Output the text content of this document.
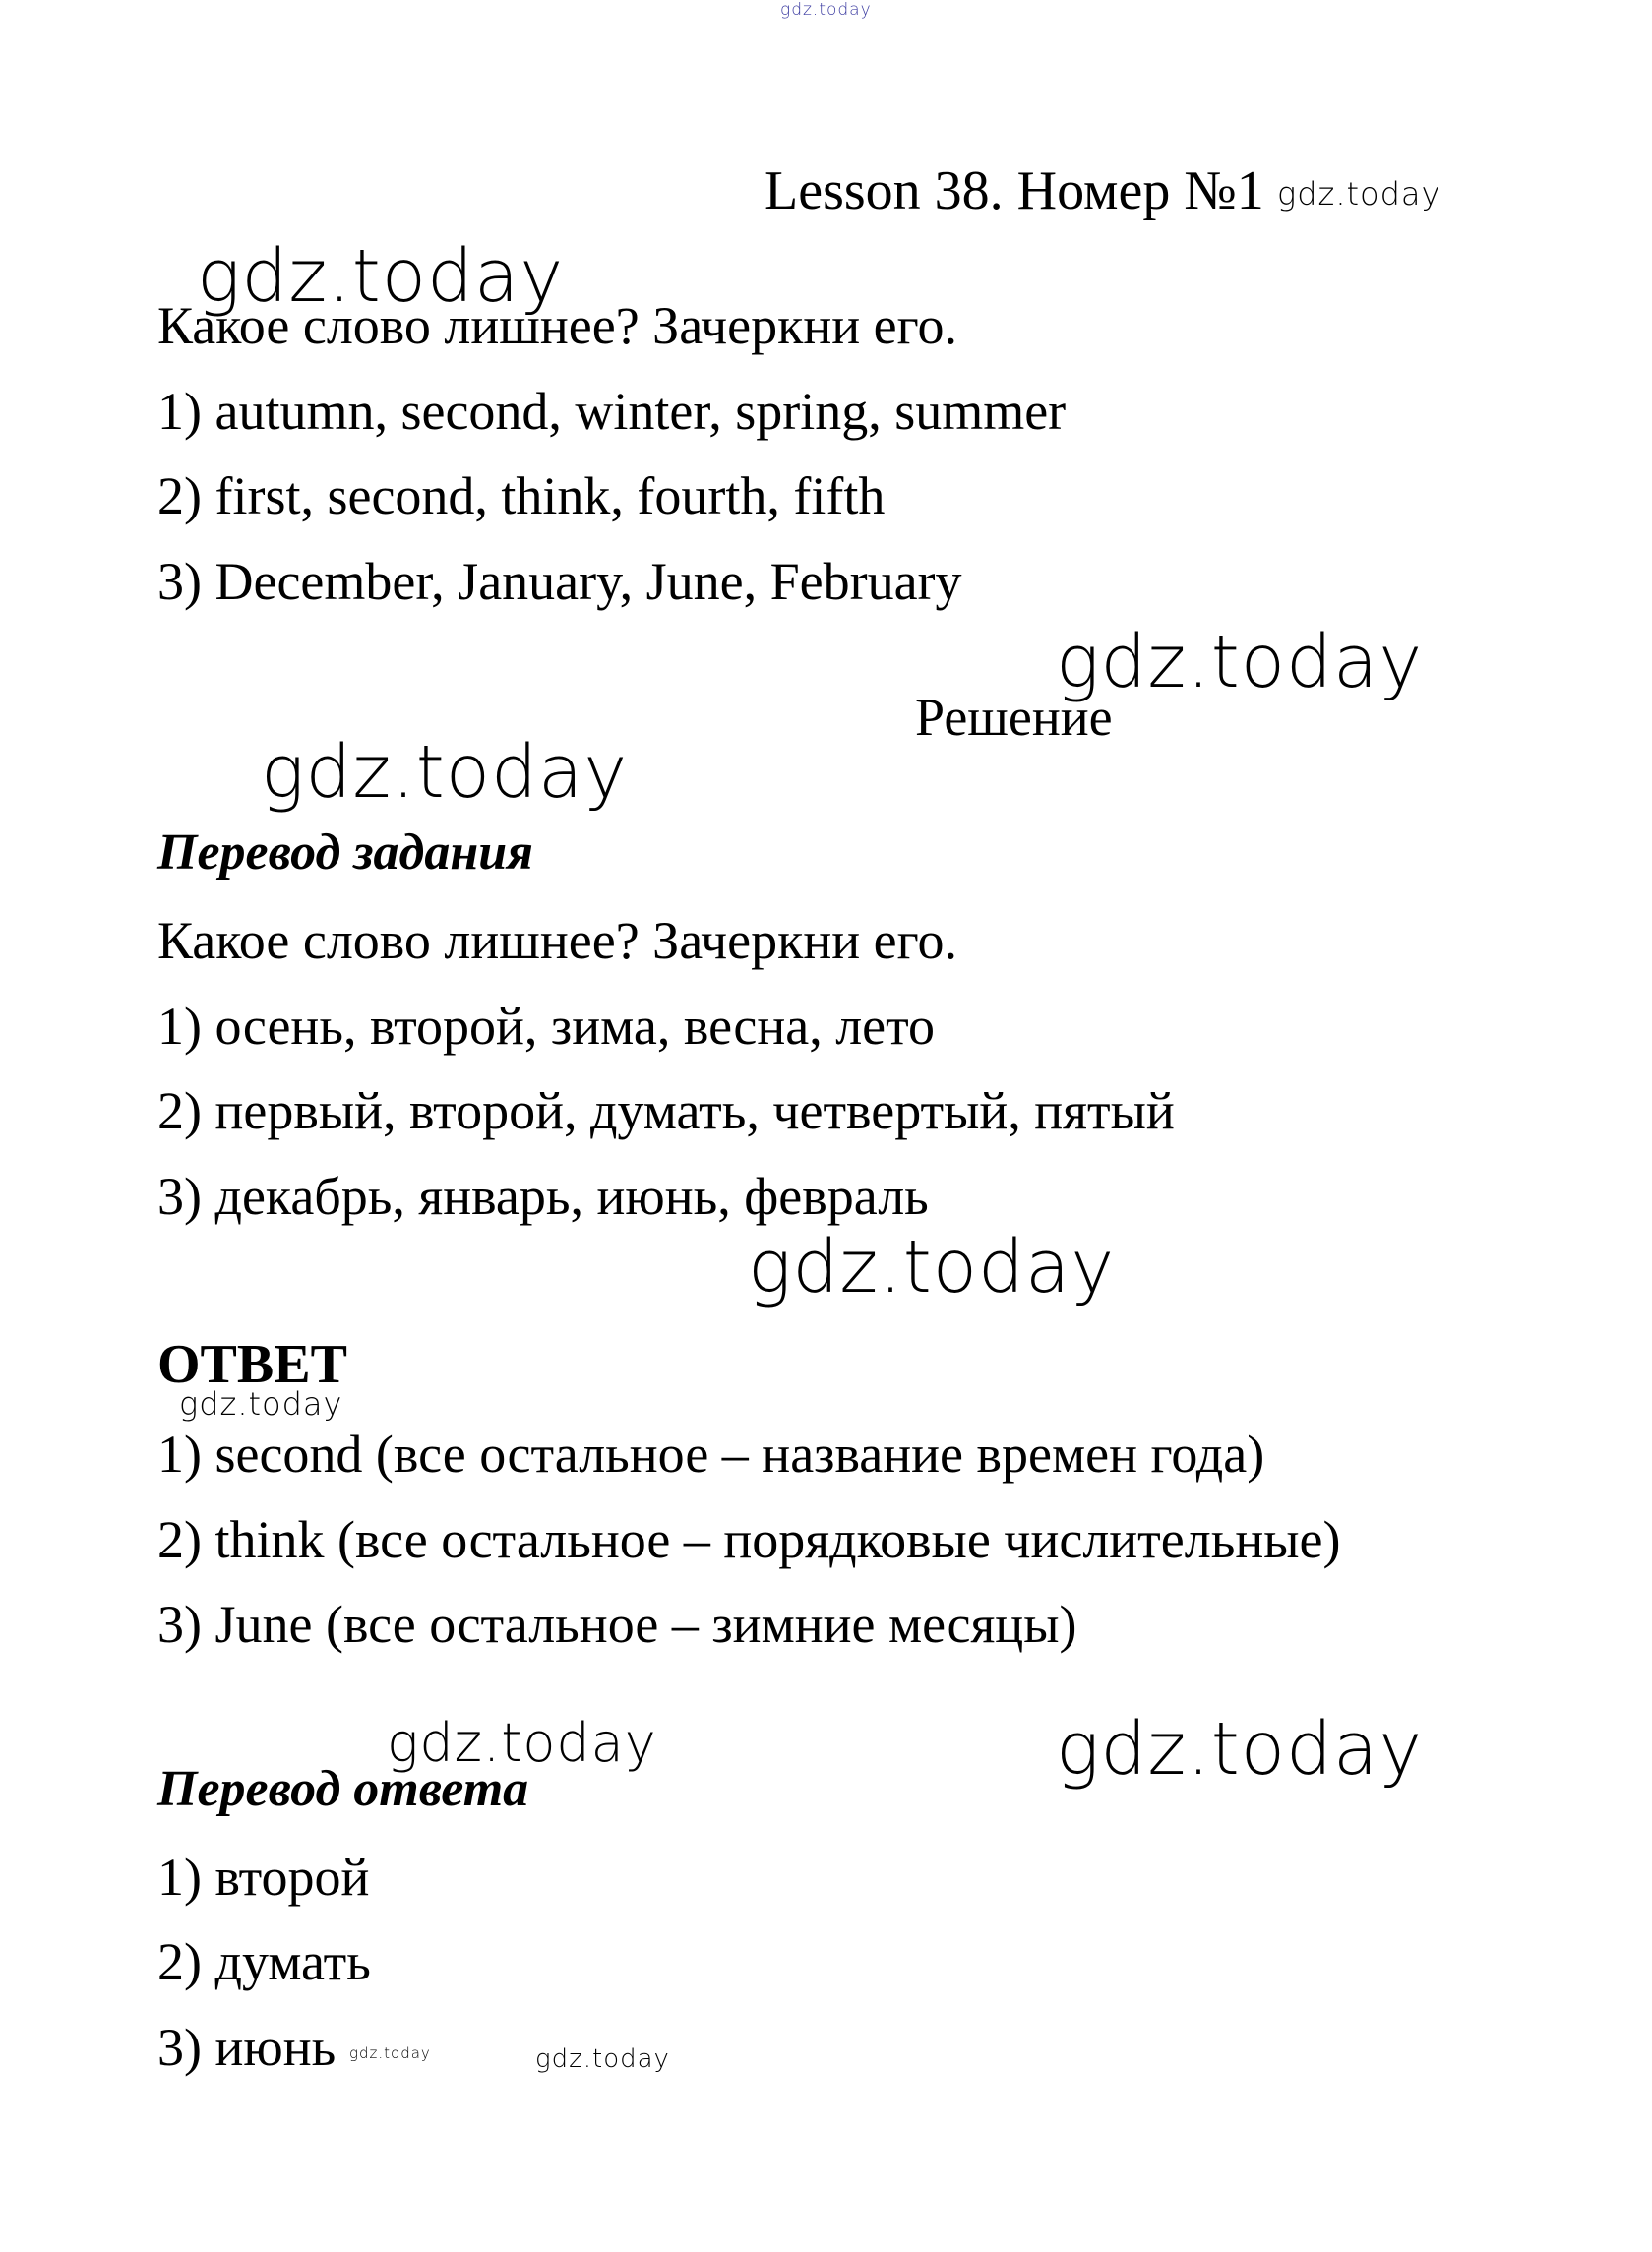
gdz.today
Lesson 38. Номер №1 gdz.today
gdz.today
Какое слово лишнее? Зачеркни его.
1) autumn, second, winter, spring, summer
2) first, second, think, fourth, fifth
3) December, January, June, February
gdz.today
Решение
gdz.today
Перевод задания
Какое слово лишнее? Зачеркни его.
1) осень, второй, зима, весна, лето
2) первый, второй, думать, четвертый, пятый
3) декабрь, январь, июнь, февраль
gdz.today
ОТВЕТ
gdz.today
1) second (все остальное – название времен года)
2) think (все остальное – порядковые числительные)
3) June (все остальное – зимние месяцы)
gdz.today	gdz.today
Перевод ответа
1) второй
2) думать
3) июнь gdz.today	gdz.today
